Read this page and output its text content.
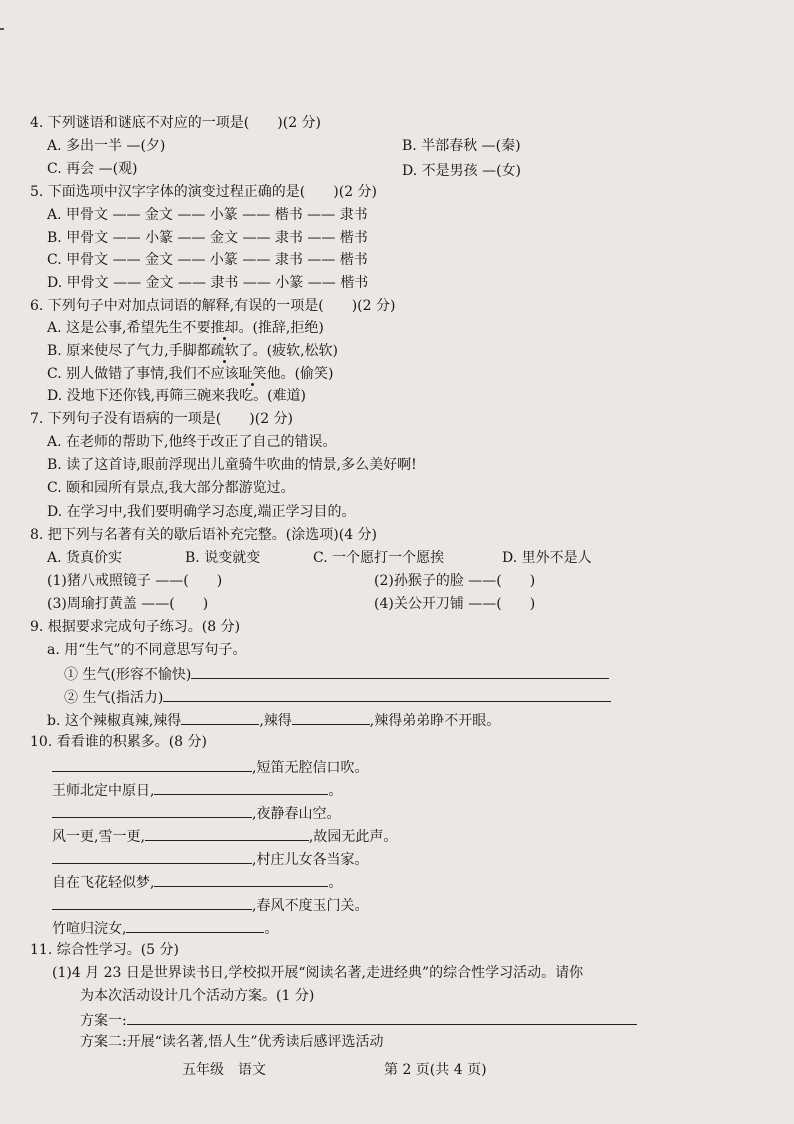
4. 下列谜语和谜底不对应的一项是(　　)(2 分)
A. 多出一半 —(夕)	B. 半部春秋 —(秦)
C. 再会 —(观)	D. 不是男孩 —(女)
5. 下面选项中汉字字体的演变过程正确的是(　　)(2 分)
A. 甲骨文 —— 金文 —— 小篆 —— 楷书 —— 隶书
B. 甲骨文 —— 小篆 —— 金文 —— 隶书 —— 楷书
C. 甲骨文 —— 金文 —— 小篆 —— 隶书 —— 楷书
D. 甲骨文 —— 金文 —— 隶书 —— 小篆 —— 楷书
6. 下列句子中对加点词语的解释,有误的一项是(　　)(2 分)
A. 这是公事,希望先生不要推却。(推辞,拒绝)
B. 原来使尽了气力,手脚都疏软了。(疲软,松软)
C. 别人做错了事情,我们不应该耻笑他。(偷笑)
D. 没地下还你钱,再筛三碗来我吃。(难道)
7. 下列句子没有语病的一项是(　　)(2 分)
A. 在老师的帮助下,他终于改正了自己的错误。
B. 读了这首诗,眼前浮现出儿童骑牛吹曲的情景,多么美好啊!
C. 颐和园所有景点,我大部分都游览过。
D. 在学习中,我们要明确学习态度,端正学习目的。
8. 把下列与名著有关的歇后语补充完整。(涂选项)(4 分)
A. 货真价实	B. 说变就变	C. 一个愿打一个愿挨	D. 里外不是人
(1)猪八戒照镜子 ——(　　)	(2)孙猴子的脸 ——(　　)
(3)周瑜打黄盖 ——(　　)	(4)关公开刀铺 ——(　　)
9. 根据要求完成句子练习。(8 分)
a. 用“生气”的不同意思写句子。
① 生气(形容不愉快)
② 生气(指活力)
b. 这个辣椒真辣,辣得	,辣得	,辣得弟弟睁不开眼。
10. 看看谁的积累多。(8 分)
,短笛无腔信口吹。
王师北定中原日,	。
,夜静春山空。
风一更,雪一更,	,故园无此声。
,村庄儿女各当家。
自在飞花轻似梦,	。
,春风不度玉门关。
竹喧归浣女,	。
11. 综合性学习。(5 分)
(1)4 月 23 日是世界读书日,学校拟开展“阅读名著,走进经典”的综合性学习活动。请你
为本次活动设计几个活动方案。(1 分)
方案一:
方案二:开展“读名著,悟人生”优秀读后感评选活动
五年级　语文	第 2 页(共 4 页)
